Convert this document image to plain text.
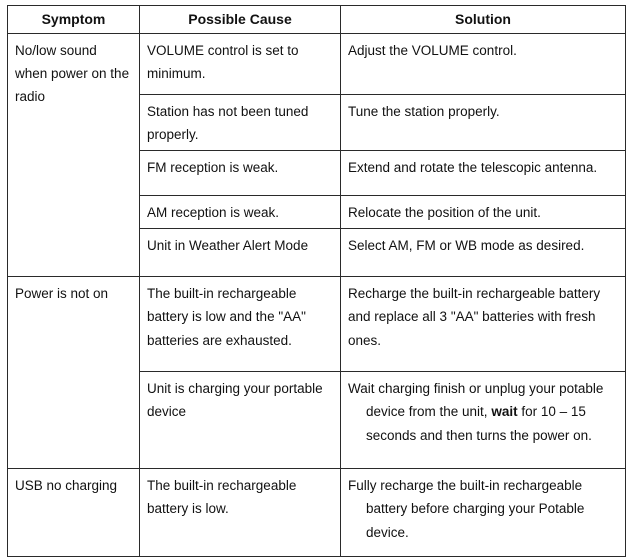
Symptom	Possible Cause	Solution
No/low sound when power on the radio	VOLUME control is set to minimum.	Adjust the VOLUME control.
	Station has not been tuned properly.	Tune the station properly.
	FM reception is weak.	Extend and rotate the telescopic antenna.
	AM reception is weak.	Relocate the position of the unit.
	Unit in Weather Alert Mode	Select AM, FM or WB mode as desired.
Power is not on	The built-in rechargeable battery is low and the "AA" batteries are exhausted.	Recharge the built-in rechargeable battery and replace all 3 "AA" batteries with fresh ones.
	Unit is charging your portable device	Wait charging finish or unplug your potable device from the unit, wait for 10 – 15 seconds and then turns the power on.

USB no charging	The built-in rechargeable battery is low.	Fully recharge the built-in rechargeable battery before charging your Potable device.
